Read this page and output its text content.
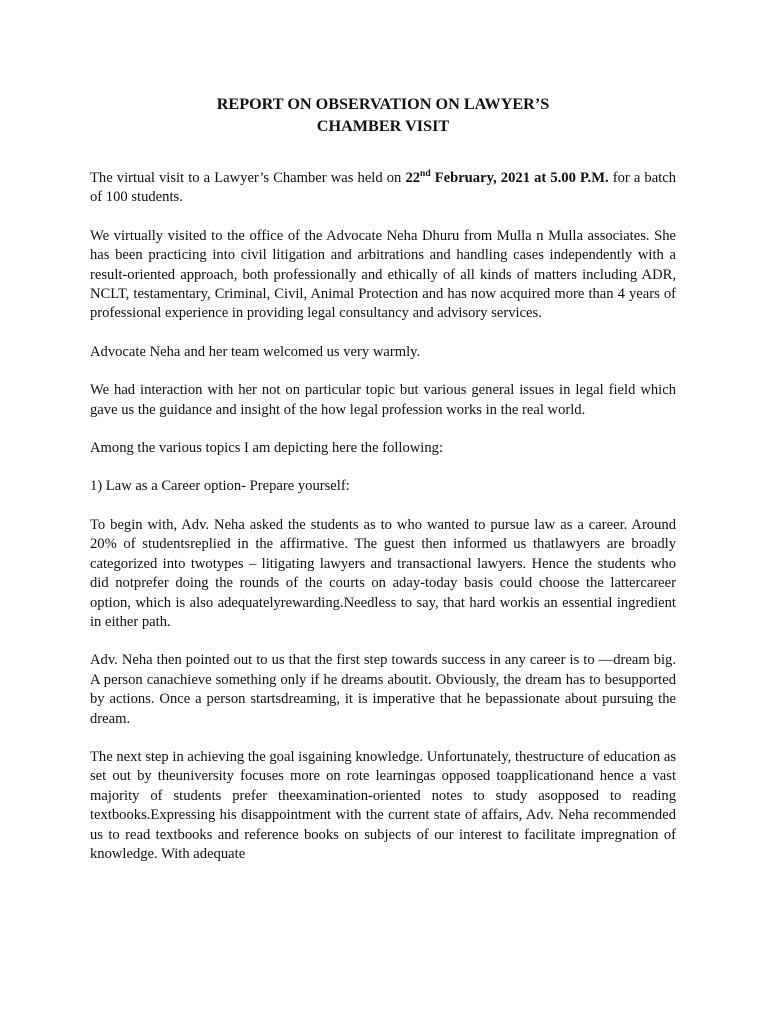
REPORT ON OBSERVATION ON LAWYER’S
CHAMBER VISIT

The virtual visit to a Lawyer’s Chamber was held on 22nd February, 2021 at 5.00 P.M. for a batch of 100 students.

We virtually visited to the office of the Advocate Neha Dhuru from Mulla n Mulla associates. She has been practicing into civil litigation and arbitrations and handling cases independently with a result-oriented approach, both professionally and ethically of all kinds of matters including ADR, NCLT, testamentary, Criminal, Civil, Animal Protection and has now acquired more than 4 years of professional experience in providing legal consultancy and advisory services.

Advocate Neha and her team welcomed us very warmly.

We had interaction with her not on particular topic but various general issues in legal field which gave us the guidance and insight of the how legal profession works in the real world.

Among the various topics I am depicting here the following:

1) Law as a Career option- Prepare yourself:

To begin with, Adv. Neha asked the students as to who wanted to pursue law as a career. Around 20% of studentsreplied in the affirmative. The guest then informed us thatlawyers are broadly categorized into twotypes – litigating lawyers and transactional lawyers. Hence the students who did notprefer doing the rounds of the courts on aday-today basis could choose the lattercareer option, which is also adequatelyrewarding.Needless to say, that hard workis an essential ingredient in either path.

Adv. Neha then pointed out to us that the first step towards success in any career is to ―dream big. A person canachieve something only if he dreams aboutit. Obviously, the dream has to besupported by actions. Once a person startsdreaming, it is imperative that he bepassionate about pursuing the dream.

The next step in achieving the goal isgaining knowledge. Unfortunately, thestructure of education as set out by theuniversity focuses more on rote learningas opposed toapplicationand hence a vast majority of students prefer theexamination-oriented notes to study asopposed to reading textbooks.Expressing his disappointment with the current state of affairs, Adv. Neha recommended us to read textbooks and reference books on subjects of our interest to facilitate impregnation of knowledge. With adequate
